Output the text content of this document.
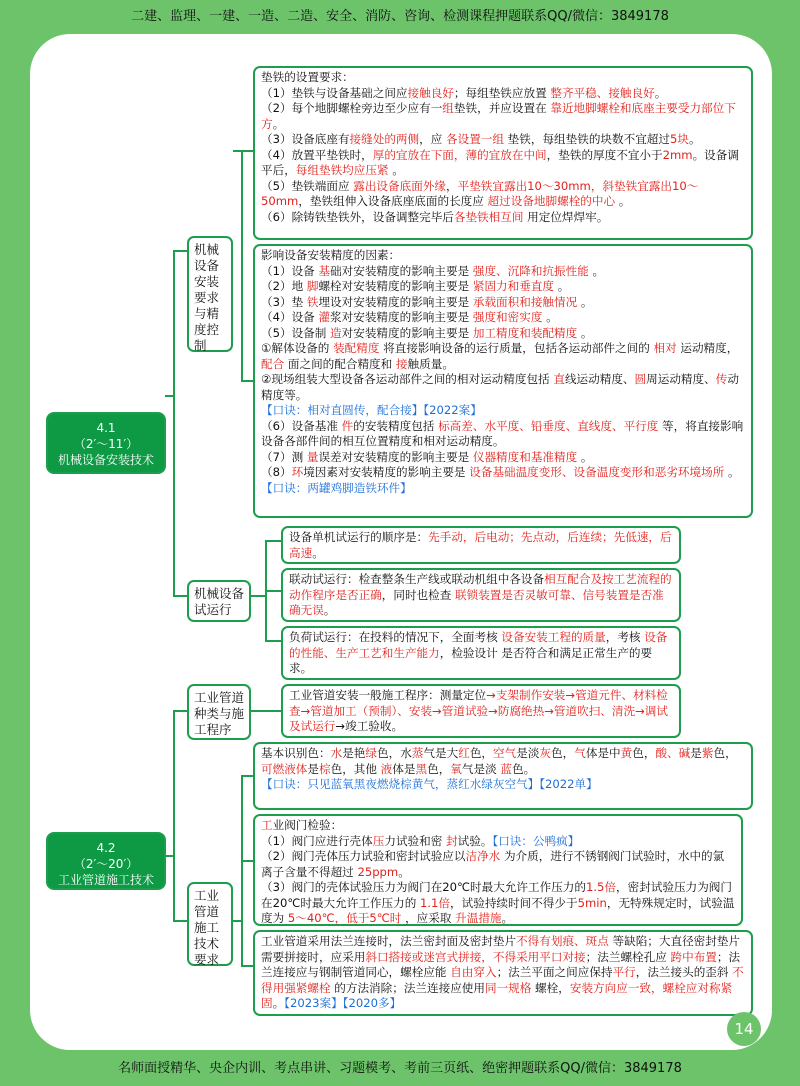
二建、监理、一建、一造、二造、安全、消防、咨询、检测课程押题联系QQ/微信：3849178
4.1
（2′～11′）
机械设备安装技术
4.2
（2′～20′）
工业管道施工技术
机械设备安装要求与精度控制
机械设备试运行
工业管道种类与施工程序
工业管道施工技术要求
垫铁的设置要求：
（1）垫铁与设备基础之间应接触良好；每组垫铁应放置 整齐平稳、接触良好。
（2）每个地脚螺栓旁边至少应有一组垫铁，并应设置在 靠近地脚螺栓和底座主要受力部位下方。
（3）设备底座有接缝处的两侧，应 各设置一组 垫铁，每组垫铁的块数不宜超过5块。
（4）放置平垫铁时，厚的宜放在下面，薄的宜放在中间，垫铁的厚度不宜小于2mm。设备调平后，每组垫铁均应压紧 。
（5）垫铁端面应 露出设备底面外缘，平垫铁宜露出10～30mm，斜垫铁宜露出10～50mm，垫铁组伸入设备底座底面的长度应 超过设备地脚螺栓的中心 。
（6）除铸铁垫铁外，设备调整完毕后各垫铁相互间 用定位焊焊牢。
影响设备安装精度的因素：
（1）设备 基础对安装精度的影响主要是 强度、沉降和抗振性能 。
（2）地 脚螺栓对安装精度的影响主要是 紧固力和垂直度 。
（3）垫 铁埋设对安装精度的影响主要是 承载面积和接触情况 。
（4）设备 灌浆对安装精度的影响主要是 强度和密实度 。
（5）设备制 造对安装精度的影响主要是 加工精度和装配精度 。
①解体设备的 装配精度 将直接影响设备的运行质量，包括各运动部件之间的 相对 运动精度，配合 面之间的配合精度和 接触质量。
②现场组装大型设备各运动部件之间的相对运动精度包括 直线运动精度、圆周运动精度、传动精度等。
【口诀：相对直圆传，配合接】【2022案】
（6）设备基准 件的安装精度包括 标高差、水平度、铅垂度、直线度、平行度 等，将直接影响设备各部件间的相互位置精度和相对运动精度。
（7）测 量误差对安装精度的影响主要是 仪器精度和基准精度 。
（8）环境因素对安装精度的影响主要是 设备基础温度变形、设备温度变形和恶劣环境场所 。
【口诀：两罐鸡脚造铁环件】
设备单机试运行的顺序是：先手动，后电动；先点动，后连续；先低速，后高速。
联动试运行：检查整条生产线或联动机组中各设备相互配合及按工艺流程的动作程序是否正确，同时也检查 联锁装置是否灵敏可靠、信号装置是否准确无误。
负荷试运行：在投料的情况下，全面考核 设备安装工程的质量，考核 设备的性能、生产工艺和生产能力，检验设计 是否符合和满足正常生产的要求。
工业管道安装一般施工程序：测量定位→支架制作安装→管道元件、材料检查→管道加工（预制）、安装→管道试验→防腐绝热→管道吹扫、清洗→调试及试运行→竣工验收。
基本识别色：水是艳绿色，水蒸气是大红色，空气是淡灰色，气体是中黄色，酸、碱是紫色，可燃液体是棕色，其他 液体是黑色，氧气是淡 蓝色。
【口诀：只见蓝氧黑夜燃烧棕黄气，蒸红水绿灰空气】【2022单】
工业阀门检验：
（1）阀门应进行壳体压力试验和密 封试验。【口诀：公鸭疯】
（2）阀门壳体压力试验和密封试验应以洁净水 为介质，进行不锈钢阀门试验时，水中的氯离子含量不得超过 25ppm。
（3）阀门的壳体试验压力为阀门在20℃时最大允许工作压力的1.5倍，密封试验压力为阀门在20℃时最大允许工作压力的 1.1倍，试验持续时间不得少于5min，无特殊规定时，试验温度为 5～40℃，低于5℃时 ，应采取 升温措施。
工业管道采用法兰连接时，法兰密封面及密封垫片不得有划痕、斑点 等缺陷；大直径密封垫片需要拼接时，应采用斜口搭接或迷宫式拼接，不得采用平口对接；法兰螺栓孔应 跨中布置；法兰连接应与钢制管道同心，螺栓应能 自由穿入；法兰平面之间应保持平行，法兰接头的歪斜 不得用强紧螺栓 的方法消除；法兰连接应使用同一规格 螺栓，安装方向应一致，螺栓应对称紧固。【2023案】【2020多】
14
名师面授精华、央企内训、考点串讲、习题模考、考前三页纸、绝密押题联系QQ/微信：3849178
